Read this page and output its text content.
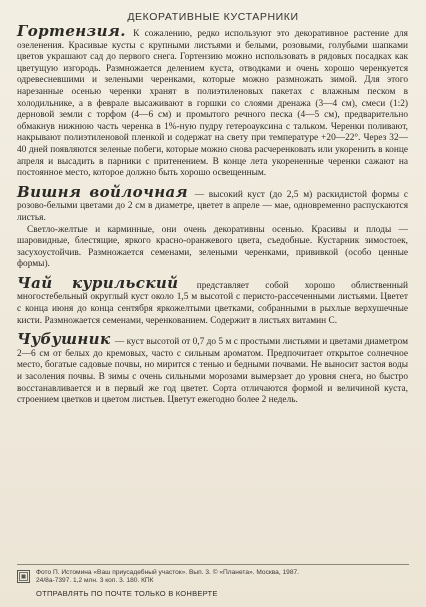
ДЕКОРАТИВНЫЕ КУСТАРНИКИ

Гортензия. К сожалению, редко используют это декоративное растение для озеленения. Красивые кусты с крупными листьями и белыми, розовыми, голубыми шапками цветов украшают сад до первого снега. Гортензию можно использовать в рядовых посадках как цветущую изгородь. Размножается делением куста, отводками и очень хорошо черенкуется одревесневшими и зелеными черенками, которые можно размножать зимой. Для этого нарезанные осенью черенки хранят в полиэтиленовых пакетах с влажным песком в холодильнике, а в феврале высаживают в горшки со слоями дренажа (3—4 см), смеси (1:2) дерновой земли с торфом (4—6 см) и промытого речного песка (4—5 см), предварительно обмакнув нижнюю часть черенка в 1%-ную пудру гетероауксина с тальком. Черенки поливают, накрывают полиэтиленовой пленкой и содержат на свету при температуре +20—22°. Через 32—40 дней появляются зеленые побеги, которые можно снова расчеренковать или укоренить в конце апреля и высадить в парники с притенением. В конце лета укорененные черенки сажают на постоянное место, которое должно быть хорошо освещенным.

Вишня войлочная — высокий куст (до 2,5 м) раскидистой формы с розово-белыми цветами до 2 см в диаметре, цветет в апреле — мае, одновременно распускаются листья.

Светло-желтые и карминные, они очень декоративны осенью. Красивы и плоды — шаровидные, блестящие, яркого красно-оранжевого цвета, съедобные. Кустарник зимостоек, засухоустойчив. Размножается семенами, зелеными черенками, прививкой (особо ценные формы).

Чай курильский представляет собой хорошо облиственный многостебельный округлый куст около 1,5 м высотой с перисто-рассеченными листьями. Цветет с конца июня до конца сентября яркожелтыми цветками, собранными в рыхлые верхушечные кисти. Размножается семенами, черенкованием. Содержит в листьях витамин С.

Чубушник — куст высотой от 0,7 до 5 м с простыми листьями и цветами диаметром 2—6 см от белых до кремовых, часто с сильным ароматом. Предпочитает открытое солнечное место, богатые садовые почвы, но мирится с тенью и бедными почвами. Не выносит застоя воды и засоления почвы. В зимы с очень сильными морозами вымерзает до уровня снега, но быстро восстанавливается и в первый же год цветет. Сорта отличаются формой и величиной куста, строением цветков и цветом листьев. Цветут ежегодно более 2 недель.

Фото П. Истомина «Ваш приусадебный участок». Вып. 3. © «Планета». Москва, 1987.
24/8а-7397. 1,2 млн. 3 коп. 3. 180. КПК
ОТПРАВЛЯТЬ ПО ПОЧТЕ ТОЛЬКО В КОНВЕРТЕ
